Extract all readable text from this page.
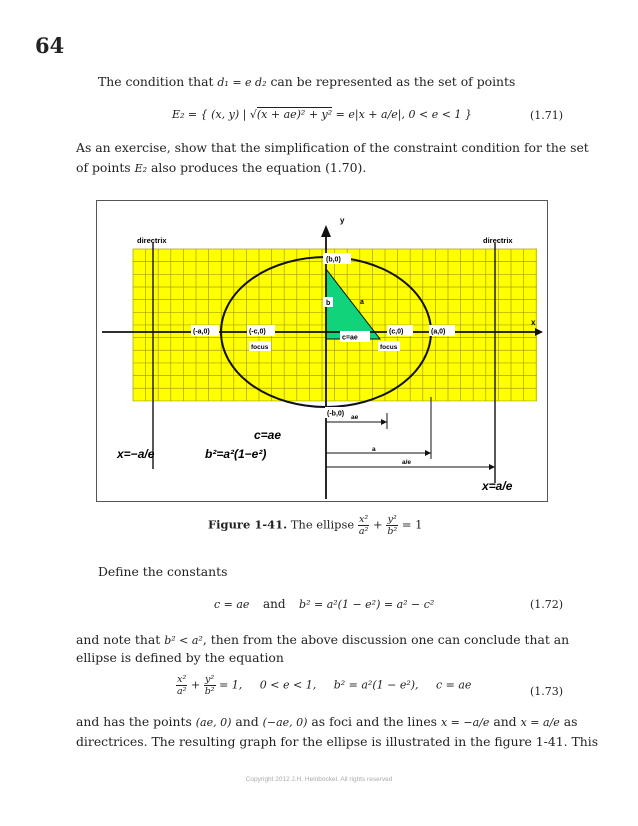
64
The condition that d₁ = e d₂ can be represented as the set of points
E₂ = { (x, y) | √(x + ae)² + y² = e|x + a/e|, 0 < e < 1 }	(1.71)
As an exercise, show that the simplification of the constraint condition for the set
of points E₂ also produces the equation (1.70).
(b,0)
b	a
(-a,0)	(-c,0)
c=ae
(c,0)	(a,0)
focus	focus
(-b,0)
directrix	directrix
y
x
ae
a
a/e
c=ae
x=−a/e	b²=a²(1−e²)
x=a/e
Figure 1-41. The ellipse $\frac{\text{x²}}{\text{a²}} + \frac{\text{y²}}{\text{b²}} = 1$
Define the constants
c = ae and b² = a²(1 − e²) = a² − c²	(1.72)
and note that b² < a², then from the above discussion one can conclude that an
ellipse is defined by the equation
$\frac{\text{x²}}{\text{a²}} + \frac{\text{y²}}{\text{b²}} = 1$,     0 < e < 1,     b² = a²(1 − e²),     c = ae	(1.73)
and has the points (ae, 0) and (−ae, 0) as foci and the lines x = −a/e and x = a/e as
directrices. The resulting graph for the ellipse is illustrated in the figure 1-41. This
Copyright 2012 J.H. Heinbockel. All rights reserved
